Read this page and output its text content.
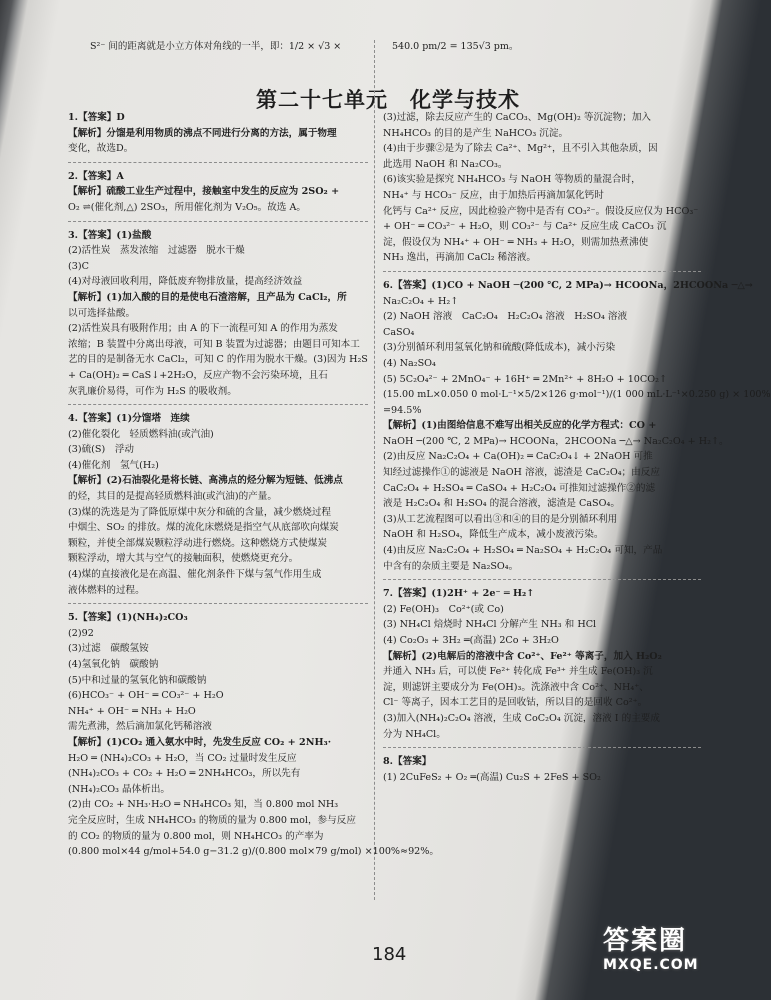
S²⁻ 间的距离就是小立方体对角线的一半，即：1/2 × √3 ×	540.0 pm/2 = 135√3 pm。
第二十七单元　化学与技术
1.【答案】D
【解析】分馏是利用物质的沸点不同进行分离的方法，属于物理
变化，故选D。
2.【答案】A
【解析】硫酸工业生产过程中，接触室中发生的反应为 2SO₂ +
O₂ ⇌(催化剂,△) 2SO₃，所用催化剂为 V₂O₅。故选 A。
3.【答案】(1)盐酸
(2)活性炭　蒸发浓缩　过滤器　脱水干燥
(3)C
(4)对母液回收利用，降低废弃物排放量，提高经济效益
【解析】(1)加入酸的目的是使电石渣溶解，且产品为 CaCl₂，所
以可选择盐酸。
(2)活性炭具有吸附作用；由 A 的下一流程可知 A 的作用为蒸发
浓缩；B 装置中分离出母液，可知 B 装置为过滤器；由题目可知本工
艺的目的是制备无水 CaCl₂，可知 C 的作用为脱水干燥。(3)因为 H₂S
+ Ca(OH)₂ ═ CaS↓+2H₂O，反应产物不会污染环境，且石
灰乳廉价易得，可作为 H₂S 的吸收剂。
4.【答案】(1)分馏塔　连续
(2)催化裂化　轻质燃料油(或汽油)
(3)硫(S)　浮动
(4)催化剂　氢气(H₂)
【解析】(2)石油裂化是将长链、高沸点的烃分解为短链、低沸点
的烃，其目的是提高轻质燃料油(或汽油)的产量。
(3)煤的洗选是为了降低原煤中灰分和硫的含量，减少燃烧过程
中烟尘、SO₂ 的排放。煤的流化床燃烧是指空气从底部吹向煤炭
颗粒，并使全部煤炭颗粒浮动进行燃烧。这种燃烧方式使煤炭
颗粒浮动，增大其与空气的接触面积，使燃烧更充分。
(4)煤的直接液化是在高温、催化剂条件下煤与氢气作用生成
液体燃料的过程。
5.【答案】(1)(NH₄)₂CO₃
(2)92
(3)过滤　碳酸氢铵
(4)氢氧化钠　碳酸钠
(5)中和过量的氢氧化钠和碳酸钠
(6)HCO₃⁻ + OH⁻ ═ CO₃²⁻ + H₂O
NH₄⁺ + OH⁻ ═ NH₃ + H₂O
需先煮沸，然后滴加氯化钙稀溶液
【解析】(1)CO₂ 通入氨水中时，先发生反应 CO₂ + 2NH₃·
H₂O ═ (NH₄)₂CO₃ + H₂O，当 CO₂ 过量时发生反应
(NH₄)₂CO₃ + CO₂ + H₂O ═ 2NH₄HCO₃，所以先有
(NH₄)₂CO₃ 晶体析出。
(2)由 CO₂ + NH₃·H₂O ═ NH₄HCO₃ 知，当 0.800 mol NH₃
完全反应时，生成 NH₄HCO₃ 的物质的量为 0.800 mol，参与反应
的 CO₂ 的物质的量为 0.800 mol，则 NH₄HCO₃ 的产率为
(0.800 mol×44 g/mol+54.0 g−31.2 g)/(0.800 mol×79 g/mol) ×100%≈92%。
(3)过滤，除去反应产生的 CaCO₃、Mg(OH)₂ 等沉淀物；加入
NH₄HCO₃ 的目的是产生 NaHCO₃ 沉淀。
(4)由于步骤②是为了除去 Ca²⁺、Mg²⁺，且不引入其他杂质，因
此选用 NaOH 和 Na₂CO₃。
(6)该实验是探究 NH₄HCO₃ 与 NaOH 等物质的量混合时，
NH₄⁺ 与 HCO₃⁻ 反应，由于加热后再滴加氯化钙时
化钙与 Ca²⁺ 反应，因此检验产物中是否有 CO₃²⁻。假设反应仅为 HCO₃⁻
+ OH⁻ ═ CO₃²⁻ + H₂O，则 CO₃²⁻ 与 Ca²⁺ 反应生成 CaCO₃ 沉
淀，假设仅为 NH₄⁺ + OH⁻ ═ NH₃ + H₂O，则需加热煮沸使
NH₃ 逸出，再滴加 CaCl₂ 稀溶液。
6.【答案】(1)CO + NaOH ─(200 ℃, 2 MPa)→ HCOONa，2HCOONa ─△→
Na₂C₂O₄ + H₂↑
(2) NaOH 溶液　CaC₂O₄　H₂C₂O₄ 溶液　H₂SO₄ 溶液
CaSO₄
(3)分别循环利用氢氧化钠和硫酸(降低成本)，减小污染
(4) Na₂SO₄
(5) 5C₂O₄²⁻ + 2MnO₄⁻ + 16H⁺ ═ 2Mn²⁺ + 8H₂O + 10CO₂↑
(15.00 mL×0.050 0 mol·L⁻¹×5/2×126 g·mol⁻¹)/(1 000 mL·L⁻¹×0.250 g) × 100%
=94.5%
【解析】(1)由图给信息不难写出相关反应的化学方程式：CO +
NaOH ─(200 ℃, 2 MPa)→ HCOONa，2HCOONa ─△→ Na₂C₂O₄ + H₂↑。
(2)由反应 Na₂C₂O₄ + Ca(OH)₂ ═ CaC₂O₄↓ + 2NaOH 可推
知经过滤操作①的滤液是 NaOH 溶液，滤渣是 CaC₂O₄；由反应
CaC₂O₄ + H₂SO₄ ═ CaSO₄ + H₂C₂O₄ 可推知过滤操作②的滤
液是 H₂C₂O₄ 和 H₂SO₄ 的混合溶液，滤渣是 CaSO₄。
(3)从工艺流程图可以看出③和④的目的是分别循环利用
NaOH 和 H₂SO₄，降低生产成本，减小废液污染。
(4)由反应 Na₂C₂O₄ + H₂SO₄ ═ Na₂SO₄ + H₂C₂O₄ 可知，产品
中含有的杂质主要是 Na₂SO₄。
7.【答案】(1)2H⁺ + 2e⁻ ═ H₂↑
(2) Fe(OH)₃　Co²⁺(或 Co)
(3) NH₄Cl 焙烧时 NH₄Cl 分解产生 NH₃ 和 HCl
(4) Co₂O₃ + 3H₂ ═(高温) 2Co + 3H₂O
【解析】(2)电解后的溶液中含 Co²⁺、Fe²⁺ 等离子，加入 H₂O₂
并通入 NH₃ 后，可以使 Fe²⁺ 转化成 Fe³⁺ 并生成 Fe(OH)₃ 沉
淀，则滤饼主要成分为 Fe(OH)₃。洗涤液中含 Co²⁺、NH₄⁺、
Cl⁻ 等离子，因本工艺目的是回收钴，所以目的是回收 Co²⁺。
(3)加入(NH₄)₂C₂O₄ 溶液，生成 CoC₂O₄ 沉淀，溶液 Ⅰ 的主要成
分为 NH₄Cl。
8.【答案】
(1) 2CuFeS₂ + O₂ ═(高温) Cu₂S + 2FeS + SO₂
184	答案圈
MXQE.COM
